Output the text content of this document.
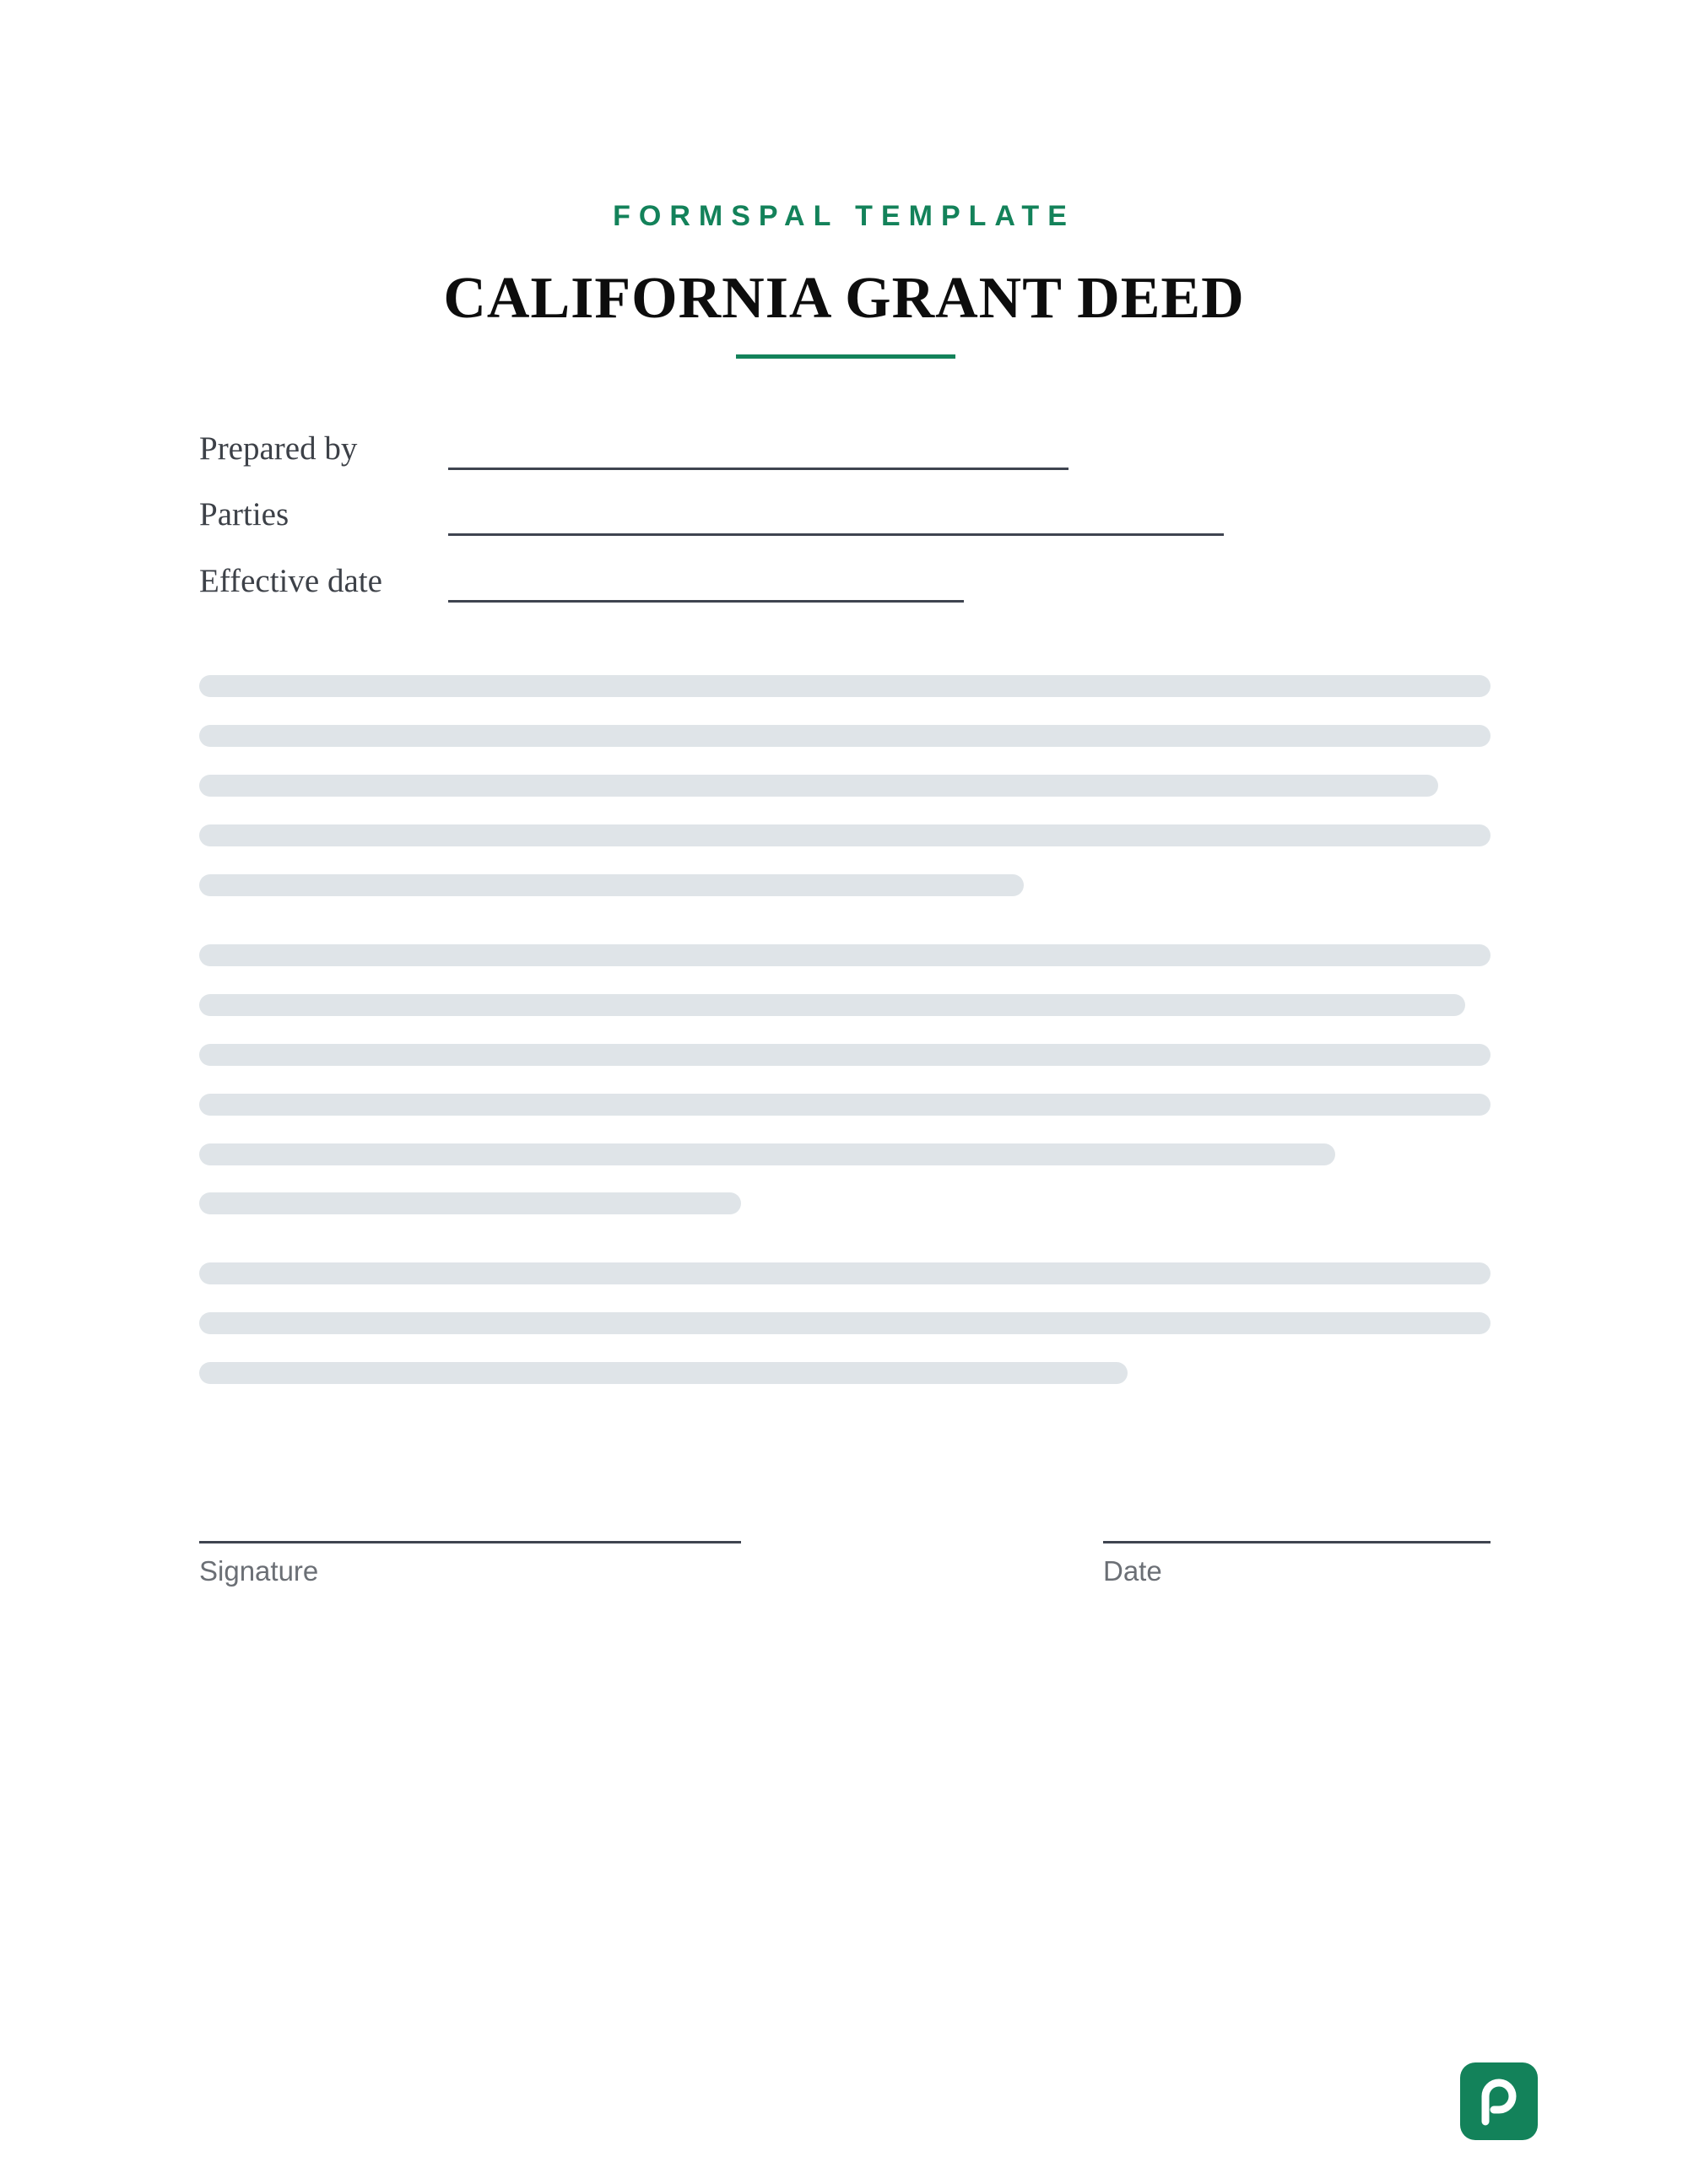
FORMSPAL TEMPLATE
CALIFORNIA GRANT DEED
Prepared by
Parties
Effective date
Signature	Date
